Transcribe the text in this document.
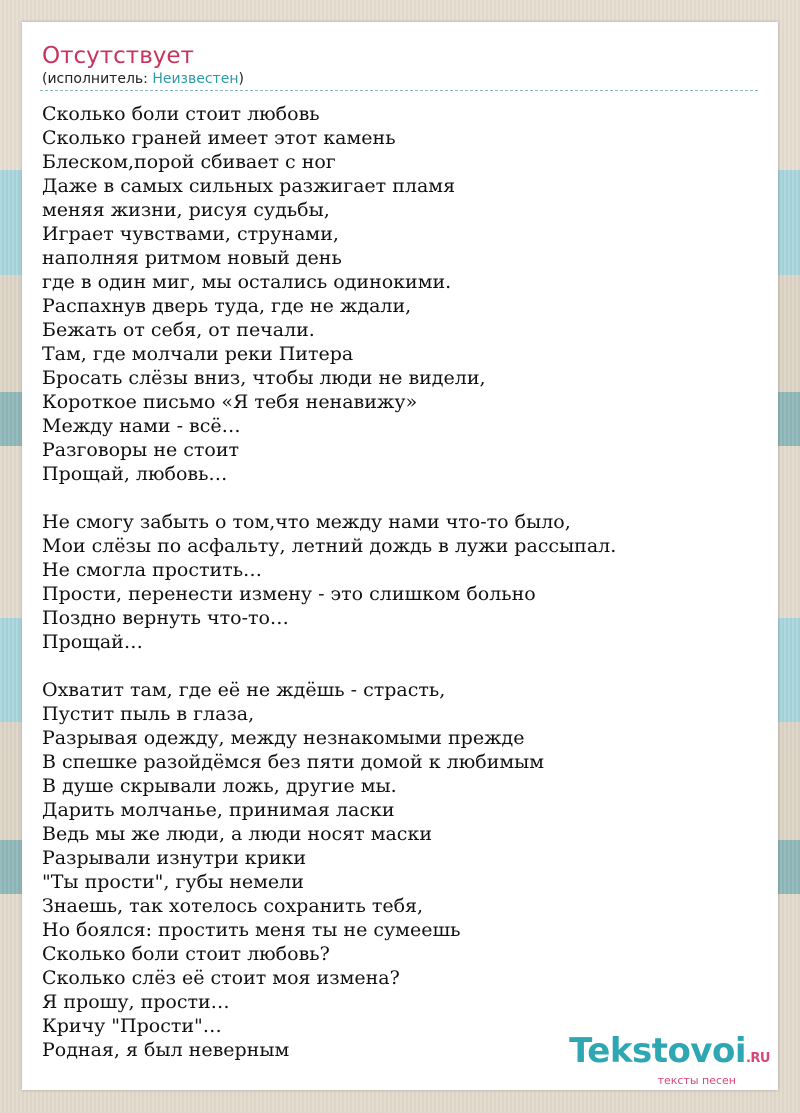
Отсутствует
(исполнитель: Неизвестен)
Сколько боли стоит любовь
Сколько граней имеет этот камень
Блеском,порой сбивает с ног
Даже в самых сильных разжигает пламя
меняя жизни, рисуя судьбы,
Играет чувствами, струнами,
наполняя ритмом новый день
где в один миг, мы остались одинокими.
Распахнув дверь туда, где не ждали,
Бежать от себя, от печали.
Там, где молчали реки Питера
Бросать слёзы вниз, чтобы люди не видели,
Короткое письмо «Я тебя ненавижу»
Между нами - всё…
Разговоры не стоит
Прощай, любовь…
Не смогу забыть о том,что между нами что-то было,
Мои слёзы по асфальту, летний дождь в лужи рассыпал.
Не смогла простить…
Прости, перенести измену - это слишком больно
Поздно вернуть что-то…
Прощай…
Охватит там, где её не ждёшь - страсть,
Пустит пыль в глаза,
Разрывая одежду, между незнакомыми прежде
В спешке разойдёмся без пяти домой к любимым
В душе скрывали ложь, другие мы.
Дарить молчанье, принимая ласки
Ведь мы же люди, а люди носят маски
Разрывали изнутри крики
"Ты прости", губы немели
Знаешь, так хотелось сохранить тебя,
Но боялся: простить меня ты не сумеешь
Сколько боли стоит любовь?
Сколько слёз её стоит моя измена?
Я прошу, прости…
Кричу "Прости"…
Родная, я был неверным	Tekstovoi.RU
тексты песен
